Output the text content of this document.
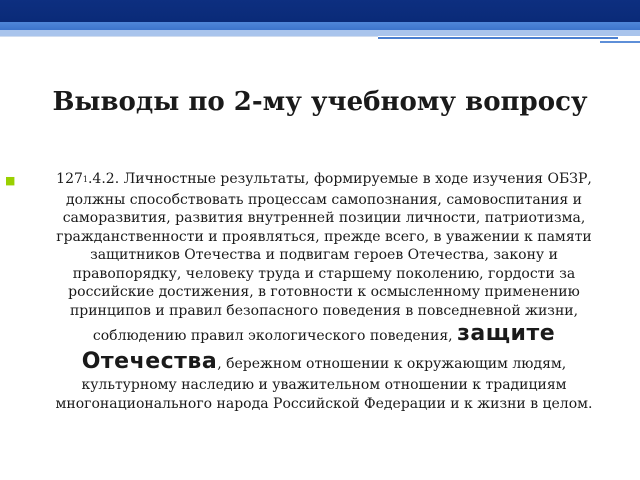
Выводы по 2-му учебному вопросу
■	1271.4.2. Личностные результаты, формируемые в ходе изучения ОБЗР, должны способствовать процессам самопознания, самовоспитания и саморазвития, развития внутренней позиции личности, патриотизма, гражданственности и проявляться, прежде всего, в уважении к памяти защитников Отечества и подвигам героев Отечества, закону и правопорядку, человеку труда и старшему поколению, гордости за российские достижения, в готовности к осмысленному применению принципов и правил безопасного поведения в повседневной жизни, соблюдению правил экологического поведения, защите Отечества, бережном отношении к окружающим людям, культурному наследию и уважительном отношении к традициям многонационального народа Российской Федерации и к жизни в целом.
